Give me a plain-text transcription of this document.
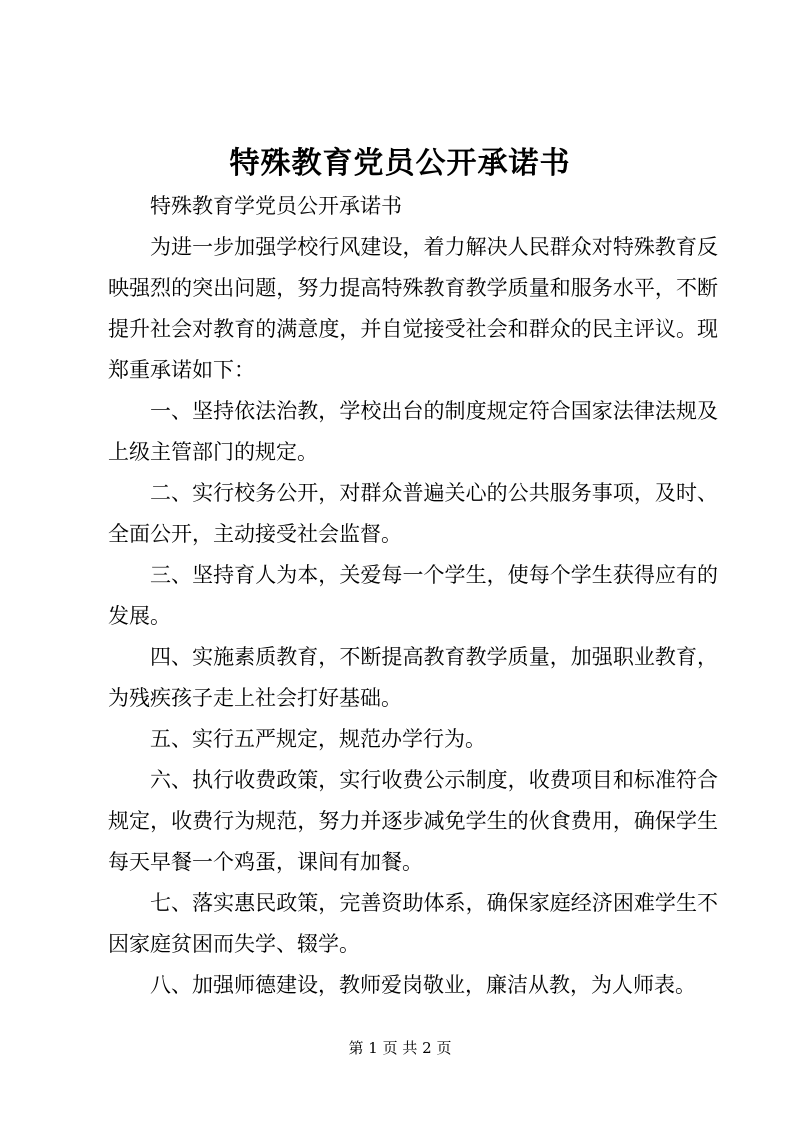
特殊教育党员公开承诺书

特殊教育学党员公开承诺书

为进一步加强学校行风建设，着力解决人民群众对特殊教育反映强烈的突出问题，努力提高特殊教育教学质量和服务水平，不断提升社会对教育的满意度，并自觉接受社会和群众的民主评议。现郑重承诺如下：

一、坚持依法治教，学校出台的制度规定符合国家法律法规及上级主管部门的规定。

二、实行校务公开，对群众普遍关心的公共服务事项，及时、全面公开，主动接受社会监督。

三、坚持育人为本，关爱每一个学生，使每个学生获得应有的发展。

四、实施素质教育，不断提高教育教学质量，加强职业教育，为残疾孩子走上社会打好基础。

五、实行五严规定，规范办学行为。

六、执行收费政策，实行收费公示制度，收费项目和标准符合规定，收费行为规范，努力并逐步减免学生的伙食费用，确保学生每天早餐一个鸡蛋，课间有加餐。

七、落实惠民政策，完善资助体系，确保家庭经济困难学生不因家庭贫困而失学、辍学。

八、加强师德建设，教师爱岗敬业，廉洁从教，为人师表。

第 1 页 共 2 页
